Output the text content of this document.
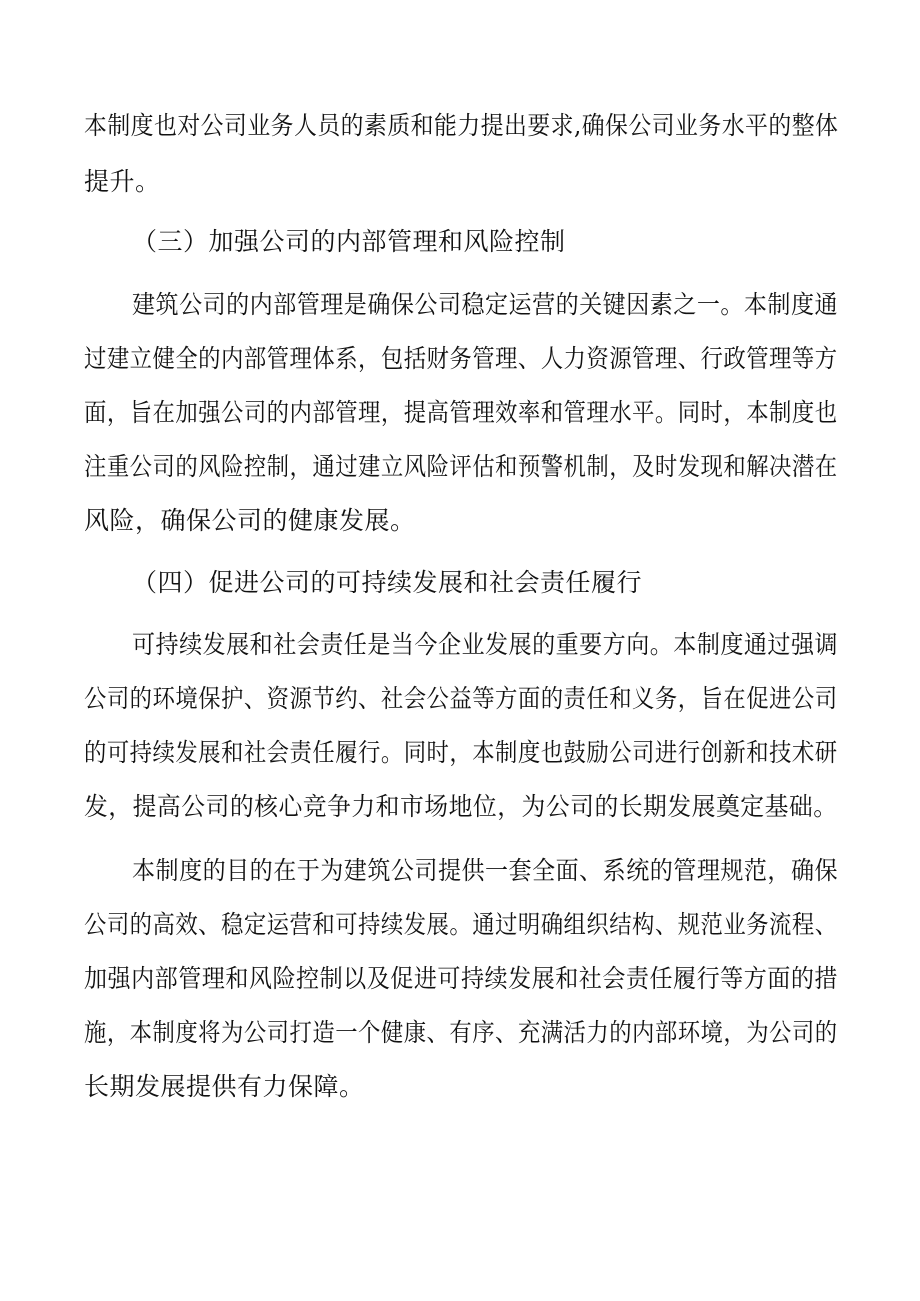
本制度也对公司业务人员的素质和能力提出要求,确保公司业务水平的整体

提升。

（三）加强公司的内部管理和风险控制

建筑公司的内部管理是确保公司稳定运营的关键因素之一。本制度通

过建立健全的内部管理体系，包括财务管理、人力资源管理、行政管理等方

面，旨在加强公司的内部管理，提高管理效率和管理水平。同时，本制度也

注重公司的风险控制，通过建立风险评估和预警机制，及时发现和解决潜在

风险，确保公司的健康发展。

（四）促进公司的可持续发展和社会责任履行

可持续发展和社会责任是当今企业发展的重要方向。本制度通过强调

公司的环境保护、资源节约、社会公益等方面的责任和义务，旨在促进公司

的可持续发展和社会责任履行。同时，本制度也鼓励公司进行创新和技术研

发，提高公司的核心竞争力和市场地位，为公司的长期发展奠定基础。

本制度的目的在于为建筑公司提供一套全面、系统的管理规范，确保

公司的高效、稳定运营和可持续发展。通过明确组织结构、规范业务流程、

加强内部管理和风险控制以及促进可持续发展和社会责任履行等方面的措

施，本制度将为公司打造一个健康、有序、充满活力的内部环境，为公司的

长期发展提供有力保障。
